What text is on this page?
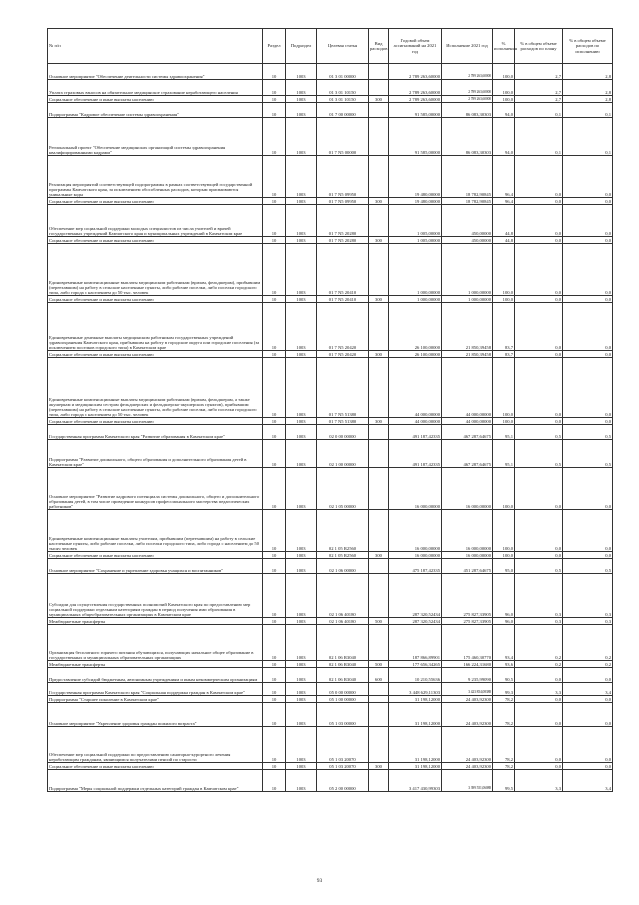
№ п/п	Раздел	Подраздел	Целевая статья	Вид расходов	Годовой объем ассигнований на 2021 год	Исполнение 2021 год	% исполнения	% в общем объеме расходов по плану	% в общем объеме расходов по исполнению
Основное мероприятие "Обеспечение деятельности системы здравоохранения"	10	1003	01 3 01 00000		2 789 263,60000	2 789 263,60000	100,0	2,7	2,8
Уплата страховых взносов на обязательное медицинское страхование неработающего населения	10	1003	01 3 01 10150		2 789 263,60000	2 789 263,60000	100,0	2,7	2,8
Социальное обеспечение и иные выплаты населению	10	1003	01 3 01 10150	300	2 789 263,60000	2 789 263,60000	100,0	2,7	2,8
Подпрограмма "Кадровое обеспечение системы здравоохранения"	10	1003	01 7 00 00000		91 585,00000	86 083,30303	94,0	0,1	0,1
Региональный проект "Обеспечение медицинских организаций системы здравоохранения квалифицированными кадрами"	10	1003	01 7 N5 00000		91 585,00000	86 083,30303	94,0	0,1	0,1
Реализация мероприятий соответствующей подпрограммы в рамках соответствующей государственной программы Камчатского края, за исключением обособленных расходов, которым присваиваются уникальные коды	10	1003	01 7 N5 09950		19 480,00000	18 782,90845	96,4	0,0	0,0
Социальное обеспечение и иные выплаты населению	10	1003	01 7 N5 09950	300	19 480,00000	18 782,90845	96,4	0,0	0,0
Обеспечение мер социальной поддержки молодых специалистов из числа учителей и врачей государственных учреждений Камчатского края и муниципальных учреждений в Камчатском крае	10	1003	01 7 N5 20280		1 005,00000	450,00000	44,8	0,0	0,0
Социальное обеспечение и иные выплаты населению	10	1003	01 7 N5 20280	300	1 005,00000	450,00000	44,8	0,0	0,0
Единовременные компенсационные выплаты медицинским работникам (врачам, фельдшерам), прибывшим (переехавшим) на работу в сельские населенные пункты, либо рабочие поселки, либо поселки городского типа, либо города с населением до 50 тыс. человек	10	1003	01 7 N5 20410		1 000,00000	1 000,00000	100,0	0,0	0,0
Социальное обеспечение и иные выплаты населению	10	1003	01 7 N5 20410	300	1 000,00000	1 000,00000	100,0	0,0	0,0
Единовременные денежные выплаты медицинским работникам государственных учреждений здравоохранения Камчатского края, прибывшим на работу в городские округа или городские поселения (за исключением поселков городского типа) в Камчатском крае	10	1003	01 7 N5 20420		26 100,00000	21 850,39458	83,7	0,0	0,0
Социальное обеспечение и иные выплаты населению	10	1003	01 7 N5 20420	300	26 100,00000	21 850,39458	83,7	0,0	0,0
Единовременные компенсационные выплаты медицинским работникам (врачам, фельдшерам, а также акушеркам и медицинским сестрам фельдшерских и фельдшерско-акушерских пунктов), прибывшим (переехавшим) на работу в сельские населенные пункты, либо рабочие поселки, либо поселки городского типа, либо города с населением до 50 тыс. человек	10	1003	01 7 N5 51380		44 000,00000	44 000,00000	100,0	0,0	0,0
Социальное обеспечение и иные выплаты населению	10	1003	01 7 N5 51380	300	44 000,00000	44 000,00000	100,0	0,0	0,0
Государственная программа Камчатского края "Развитие образования в Камчатском крае"	10	1003	02 0 00 00000		491 187,42335	467 287,64675	95,1	0,5	0,5
Подпрограмма "Развитие дошкольного, общего образования и дополнительного образования детей в Камчатском крае"	10	1003	02 1 00 00000		491 187,42335	467 287,64675	95,1	0,5	0,5
Основное мероприятие "Развитие кадрового потенциала системы дошкольного, общего и дополнительного образования детей, в том числе проведение конкурсов профессионального мастерства педагогических работников"	10	1003	02 1 05 00000		16 000,00000	16 000,00000	100,0	0,0	0,0
Единовременные компенсационные выплаты учителям, прибывшим (переехавшим) на работу в сельские населенные пункты, либо рабочие поселки, либо поселки городского типа, либо города с населением до 50 тысяч человек	10	1003	02 1 05 R2560		16 000,00000	16 000,00000	100,0	0,0	0,0
Социальное обеспечение и иные выплаты населению	10	1003	02 1 05 R2560	300	16 000,00000	16 000,00000	100,0	0,0	0,0
Основное мероприятие "Сохранение и укрепление здоровья учащихся и воспитанников"	10	1003	02 1 06 00000		475 187,42335	451 287,64675	95,0	0,5	0,5
Субсидии для осуществления государственных полномочий Камчатского края по предоставлению мер социальной поддержки отдельным категориям граждан в период получения ими образования в муниципальных общеобразовательных организациях в Камчатском крае	10	1003	02 1 06 40180		287 320,52434	275 827,33905	96,0	0,3	0,3
Межбюджетные трансферты	10	1003	02 1 06 40180	500	287 320,52434	275 827,33905	96,0	0,3	0,3
Организация бесплатного горячего питания обучающихся, получающих начальное общее образование в государственных и муниципальных образовательных организациях	10	1003	02 1 06 R3040		187 866,89901	175 460,30770	93,4	0,2	0,2
Межбюджетные трансферты	10	1003	02 1 06 R3040	500	177 656,34265	166 224,31680	93,6	0,2	0,2
Предоставление субсидий бюджетным, автономным учреждениям и иным некоммерческим организациям	10	1003	02 1 06 R3040	600	10 210,55636	9 235,99090	90,5	0,0	0,0
Государственная программа Камчатского края "Социальная поддержка граждан в Камчатском крае"	10	1003	05 0 00 00000		3 448 629,11303	3 423 854,08388	99,3	3,3	3,4
Подпрограмма "Старшее поколение в Камчатском крае"	10	1003	05 1 00 00000		31 198,12000	24 403,92300	78,2	0,0	0,0
Основное мероприятие "Укрепление здоровья граждан пожилого возраста"	10	1003	05 1 03 00000		31 198,12000	24 403,92300	78,2	0,0	0,0
Обеспечение мер социальной поддержки по предоставлению санаторно-курортного лечения неработающим гражданам, являющимся получателями пенсий по старости	10	1003	05 1 03 20070		31 198,12000	24 403,92300	78,2	0,0	0,0
Социальное обеспечение и иные выплаты населению	10	1003	05 1 03 20070	300	31 198,12000	24 403,92300	78,2	0,0	0,0
Подпрограмма "Меры социальной поддержки отдельных категорий граждан в Камчатском крае"	10	1003	05 2 00 00000		3 417 430,99303	3 399 551,06088	99,5	3,3	3,4
93
